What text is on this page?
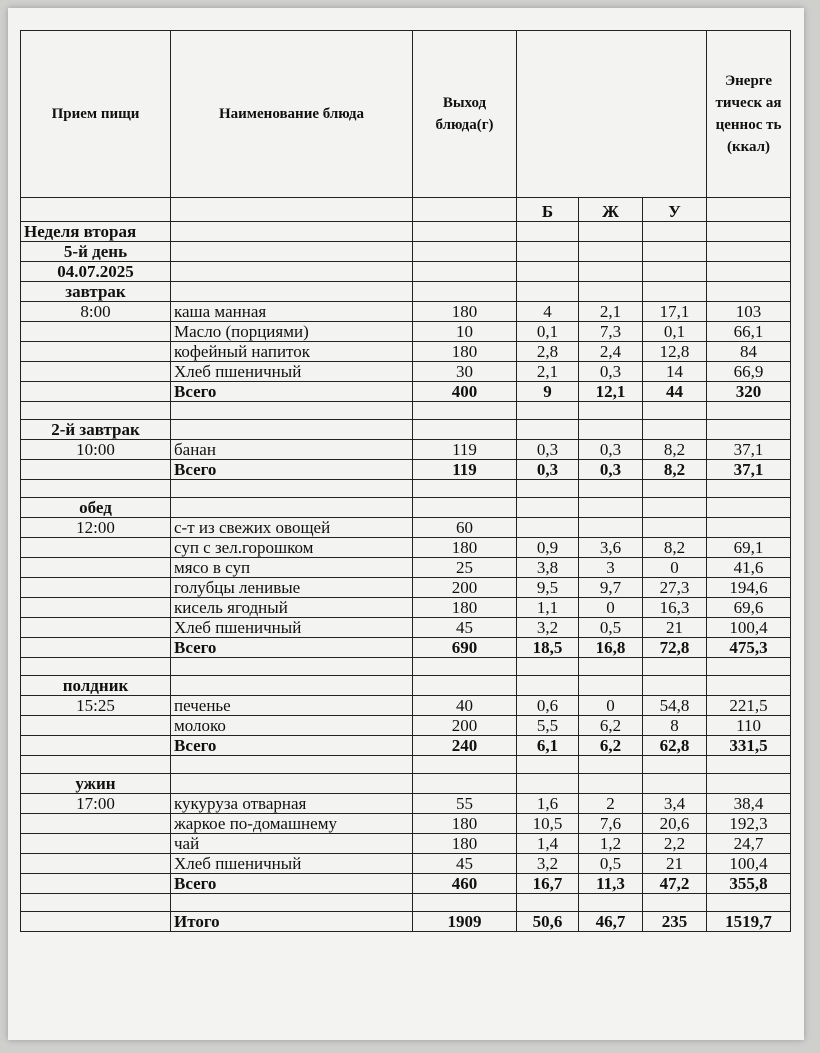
Прием пищи	Наименование блюда	Выход блюда(г)				Энерге тическ ая ценнос ть (ккал)
			Б	Ж	У	
Неделя вторая						
5-й день						
04.07.2025						
завтрак						
8:00	каша манная	180	4	2,1	17,1	103
	Масло (порциями)	10	0,1	7,3	0,1	66,1
	кофейный напиток	180	2,8	2,4	12,8	84
	Хлеб пшеничный	30	2,1	0,3	14	66,9
	Всего	400	9	12,1	44	320

2-й завтрак						
10:00	банан	119	0,3	0,3	8,2	37,1
	Всего	119	0,3	0,3	8,2	37,1

обед						
12:00	с-т из свежих овощей	60				
	суп с зел.горошком	180	0,9	3,6	8,2	69,1
	мясо в суп	25	3,8	3	0	41,6
	голубцы ленивые	200	9,5	9,7	27,3	194,6
	кисель ягодный	180	1,1	0	16,3	69,6
	Хлеб пшеничный	45	3,2	0,5	21	100,4
	Всего	690	18,5	16,8	72,8	475,3

полдник						
15:25	печенье	40	0,6	0	54,8	221,5
	молоко	200	5,5	6,2	8	110
	Всего	240	6,1	6,2	62,8	331,5

ужин						
17:00	кукуруза отварная	55	1,6	2	3,4	38,4
	жаркое по-домашнему	180	10,5	7,6	20,6	192,3
	чай	180	1,4	1,2	2,2	24,7
	Хлеб пшеничный	45	3,2	0,5	21	100,4
	Всего	460	16,7	11,3	47,2	355,8

	Итого	1909	50,6	46,7	235	1519,7
